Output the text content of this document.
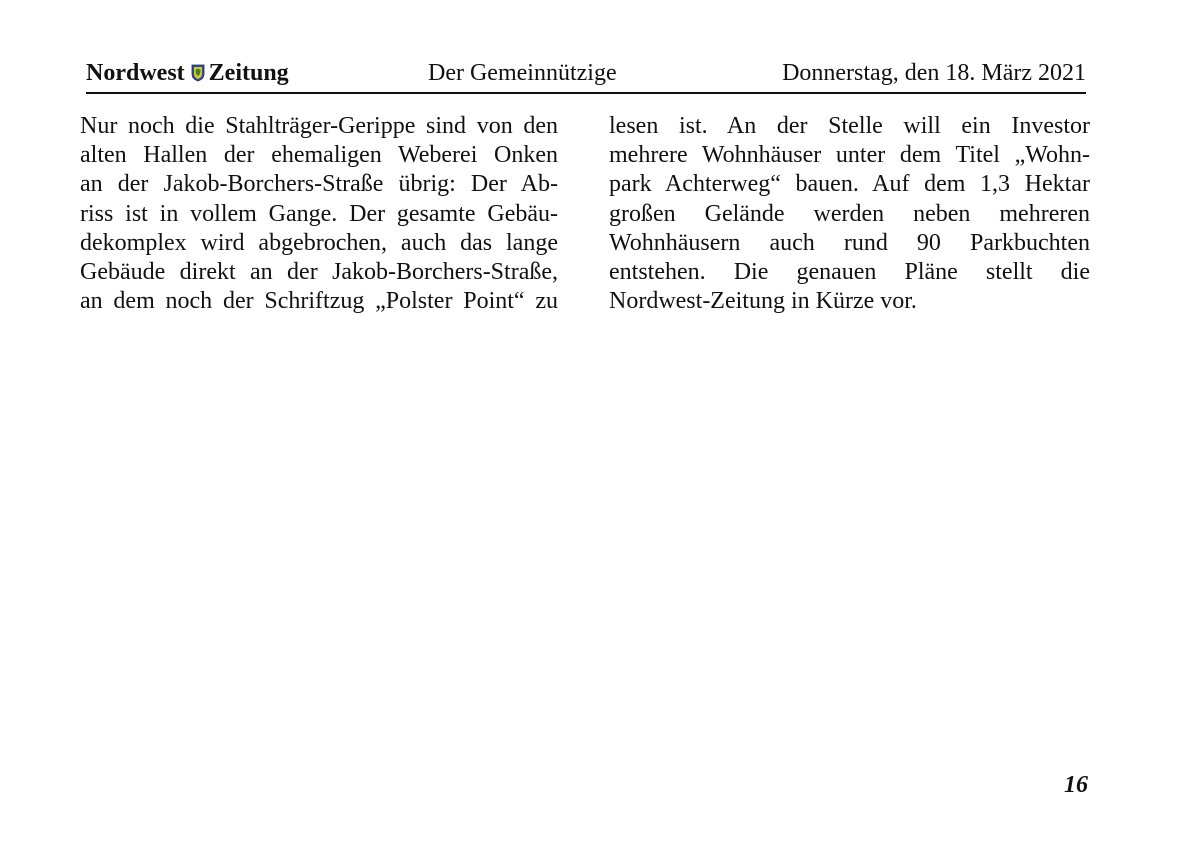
Nordwest Zeitung	Der Gemeinnützige	Donnerstag, den 18. März 2021
Nur noch die Stahlträger-Gerippe sind von den
alten Hallen der ehemaligen Weberei Onken
an der Jakob-Borchers-Straße übrig: Der Ab-
riss ist in vollem Gange. Der gesamte Gebäu-
dekomplex wird abgebrochen, auch das lange
Gebäude direkt an der Jakob-Borchers-Straße,
an dem noch der Schriftzug „Polster Point“ zu
lesen ist. An der Stelle will ein Investor
mehrere Wohnhäuser unter dem Titel „Wohn-
park Achterweg“ bauen. Auf dem 1,3 Hektar
großen Gelände werden neben mehreren
Wohnhäusern auch rund 90 Parkbuchten
entstehen. Die genauen Pläne stellt die
Nordwest-Zeitung in Kürze vor.
16
